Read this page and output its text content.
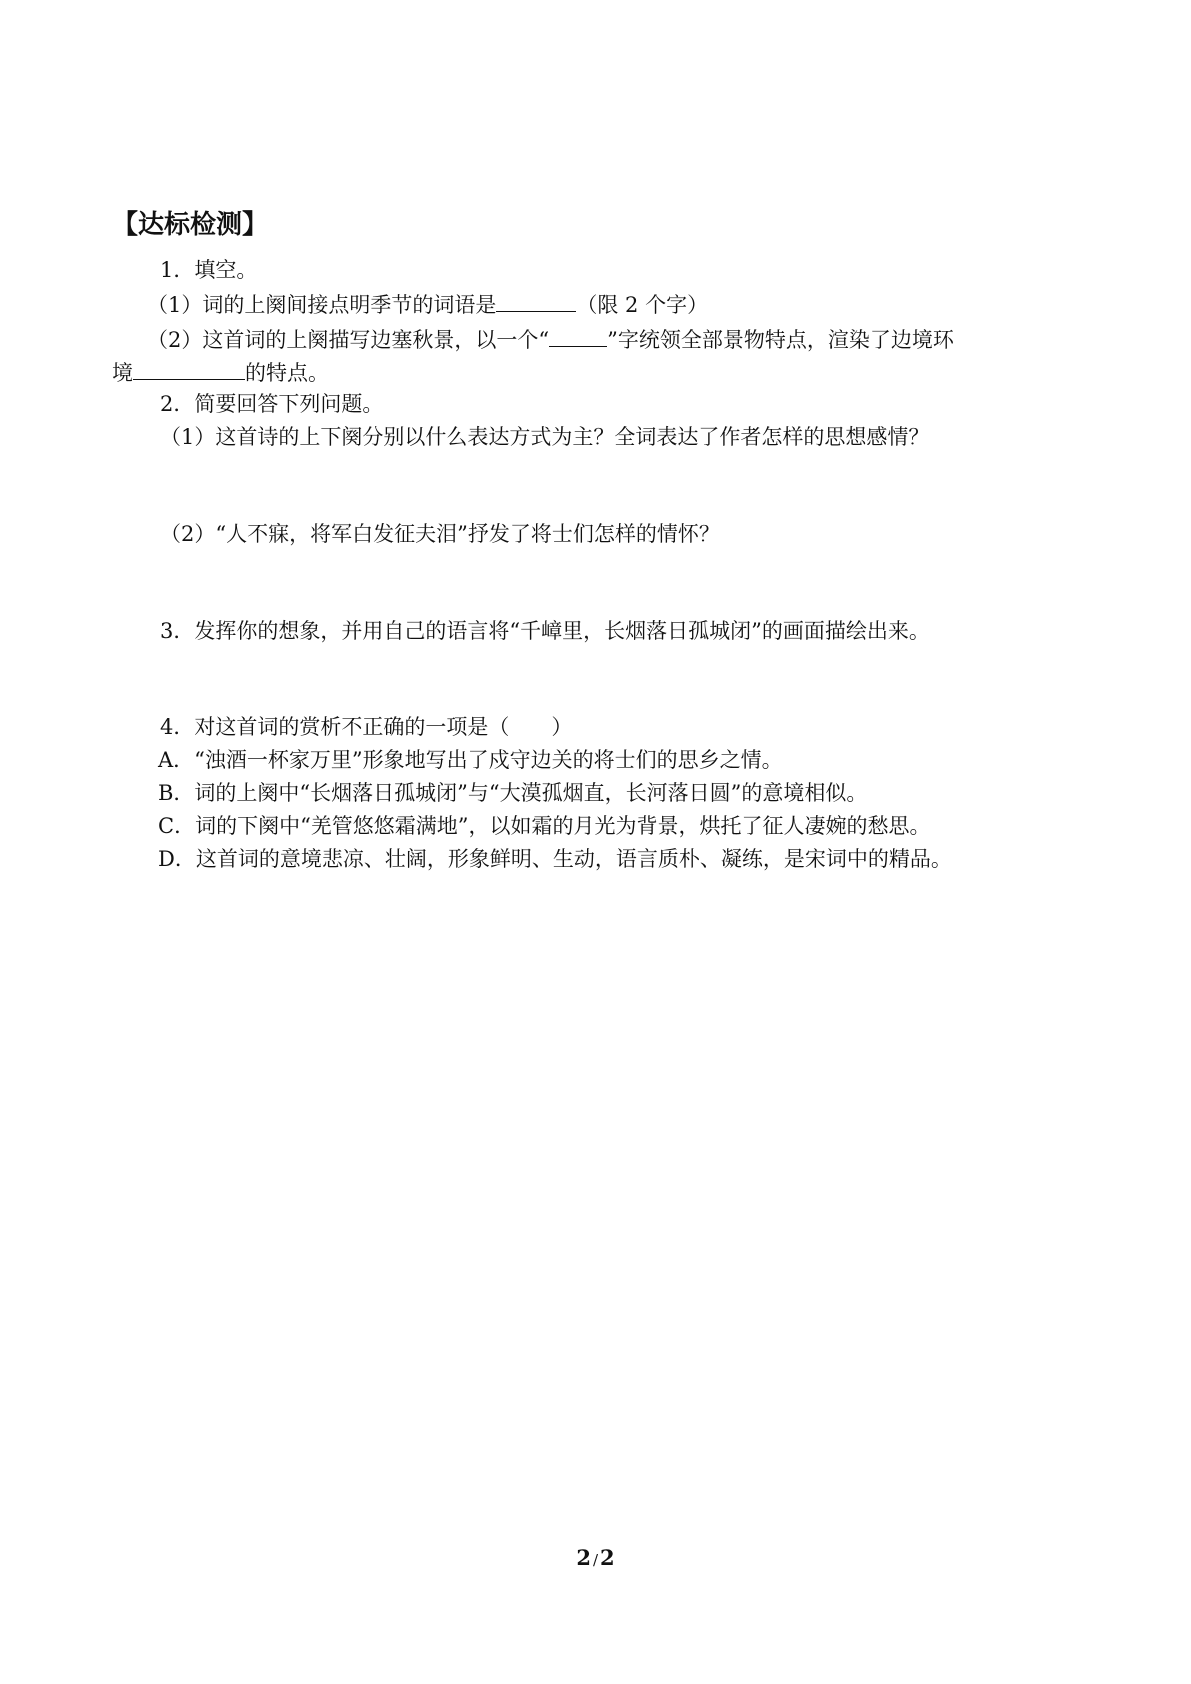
【达标检测】
1．填空。
（1）词的上阕间接点明季节的词语是	（限 2 个字）
（2）这首词的上阕描写边塞秋景，以一个“	”字统领全部景物特点，渲染了边境环
境	的特点。
2．简要回答下列问题。
（1）这首诗的上下阕分别以什么表达方式为主？全词表达了作者怎样的思想感情？
（2）“人不寐，将军白发征夫泪”抒发了将士们怎样的情怀？
3．发挥你的想象，并用自己的语言将“千嶂里，长烟落日孤城闭”的画面描绘出来。
4．对这首词的赏析不正确的一项是（　　）
A．“浊酒一杯家万里”形象地写出了戍守边关的将士们的思乡之情。
B．词的上阕中“长烟落日孤城闭”与“大漠孤烟直，长河落日圆”的意境相似。
C．词的下阕中“羌管悠悠霜满地”，以如霜的月光为背景，烘托了征人凄婉的愁思。
D．这首词的意境悲凉、壮阔，形象鲜明、生动，语言质朴、凝练，是宋词中的精品。
2 /2
